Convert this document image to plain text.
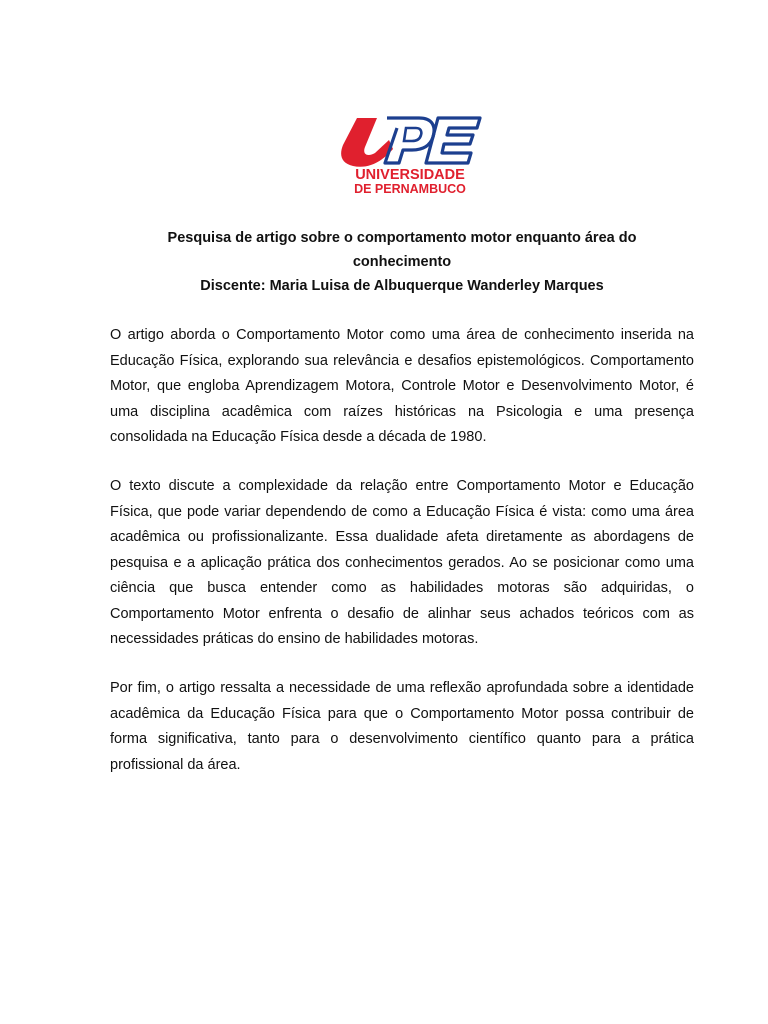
UNIVERSIDADE
DE PERNAMBUCO
Pesquisa de artigo sobre o comportamento motor enquanto área do
conhecimento
Discente: Maria Luisa de Albuquerque Wanderley Marques

O artigo aborda o Comportamento Motor como uma área de conhecimento inserida na Educação Física, explorando sua relevância e desafios epistemológicos. Comportamento Motor, que engloba Aprendizagem Motora, Controle Motor e Desenvolvimento Motor, é uma disciplina acadêmica com raízes históricas na Psicologia e uma presença consolidada na Educação Física desde a década de 1980.

O texto discute a complexidade da relação entre Comportamento Motor e Educação Física, que pode variar dependendo de como a Educação Física é vista: como uma área acadêmica ou profissionalizante. Essa dualidade afeta diretamente as abordagens de pesquisa e a aplicação prática dos conhecimentos gerados. Ao se posicionar como uma ciência que busca entender como as habilidades motoras são adquiridas, o Comportamento Motor enfrenta o desafio de alinhar seus achados teóricos com as necessidades práticas do ensino de habilidades motoras.

Por fim, o artigo ressalta a necessidade de uma reflexão aprofundada sobre a identidade acadêmica da Educação Física para que o Comportamento Motor possa contribuir de forma significativa, tanto para o desenvolvimento científico quanto para a prática profissional da área.
